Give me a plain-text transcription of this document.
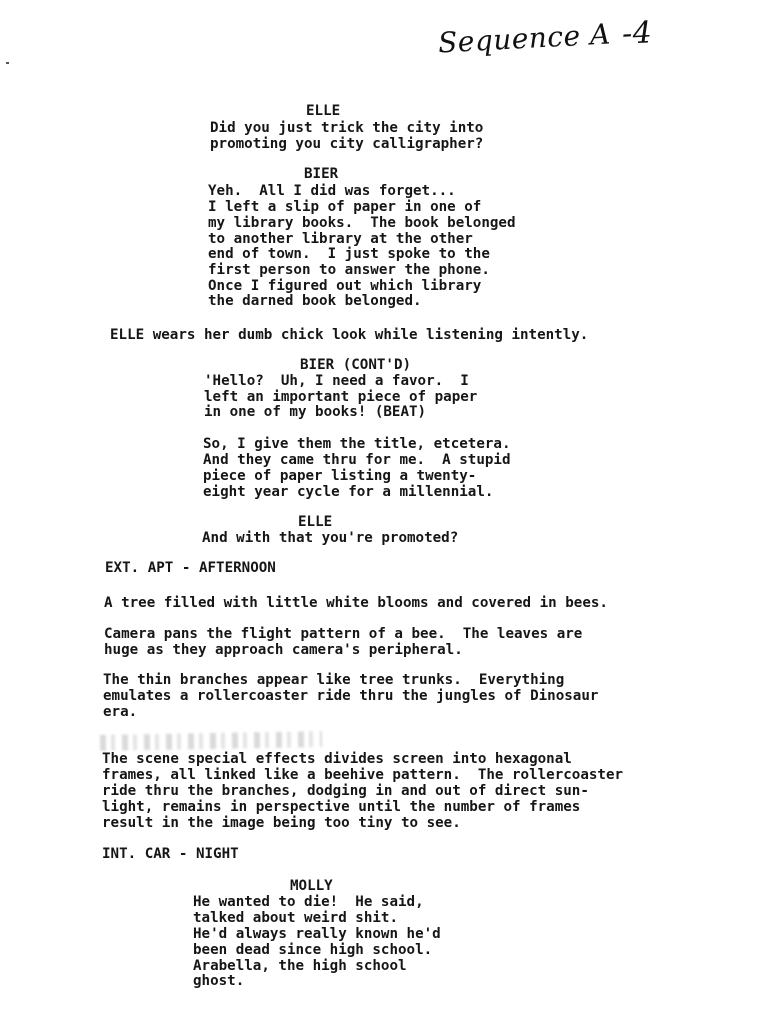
Sequence A -4

ELLE

Did you just trick the city into

promoting you city calligrapher?

BIER

Yeh.  All I did was forget...

I left a slip of paper in one of

my library books.  The book belonged

to another library at the other

end of town.  I just spoke to the

first person to answer the phone.

Once I figured out which library

the darned book belonged.

ELLE wears her dumb chick look while listening intently.

BIER (CONT'D)

'Hello?  Uh, I need a favor.  I

left an important piece of paper

in one of my books! (BEAT)

So, I give them the title, etcetera.

And they came thru for me.  A stupid

piece of paper listing a twenty-

eight year cycle for a millennial.

ELLE

And with that you're promoted?

EXT. APT - AFTERNOON

A tree filled with little white blooms and covered in bees.

Camera pans the flight pattern of a bee.  The leaves are

huge as they approach camera's peripheral.

The thin branches appear like tree trunks.  Everything

emulates a rollercoaster ride thru the jungles of Dinosaur

era.

The scene special effects divides screen into hexagonal

frames, all linked like a beehive pattern.  The rollercoaster

ride thru the branches, dodging in and out of direct sun-

light, remains in perspective until the number of frames

result in the image being too tiny to see.

INT. CAR - NIGHT

MOLLY

He wanted to die!  He said,

talked about weird shit.

He'd always really known he'd

been dead since high school.

Arabella, the high school

ghost.
